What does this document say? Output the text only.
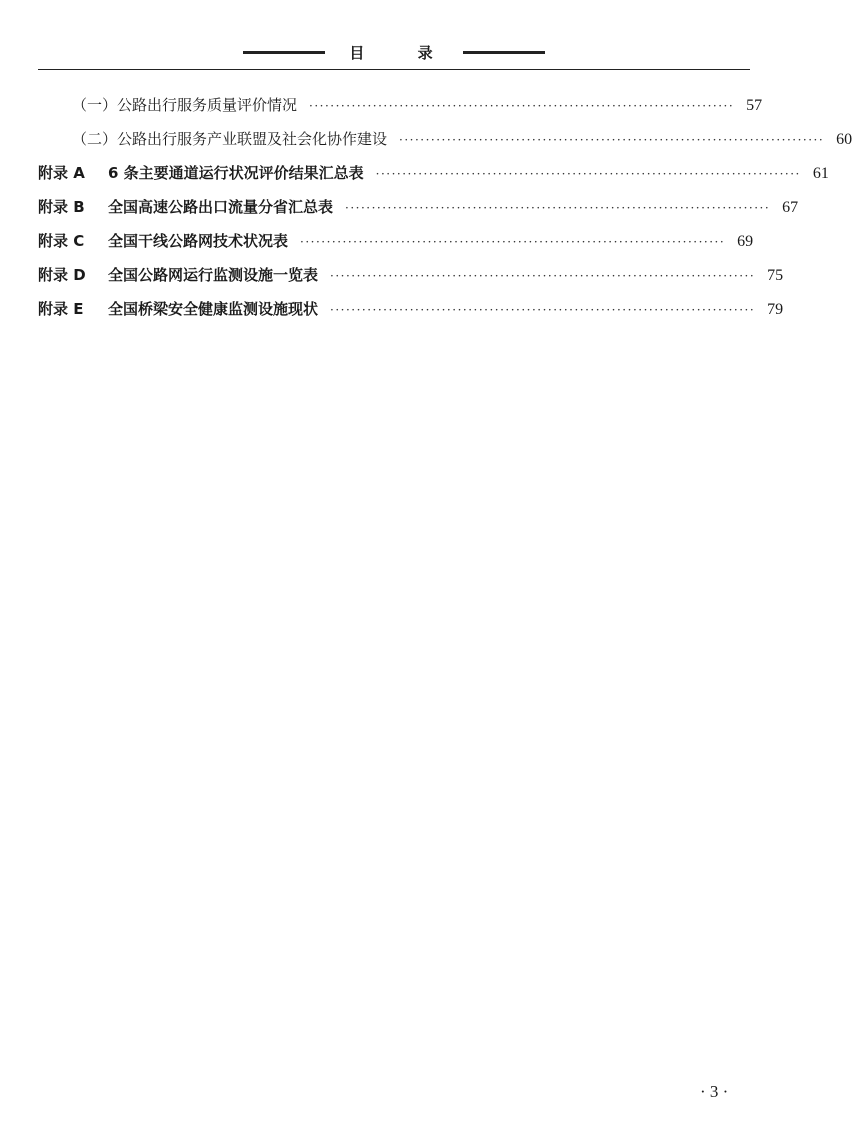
目 录
（一）公路出行服务质量评价情况 ················································································ 57
（二）公路出行服务产业联盟及社会化协作建设 ················································································ 60
附录 A 6 条主要通道运行状况评价结果汇总表 ················································································ 61
附录 B 全国高速公路出口流量分省汇总表 ················································································ 67
附录 C 全国干线公路网技术状况表 ················································································ 69
附录 D 全国公路网运行监测设施一览表 ················································································ 75
附录 E 全国桥梁安全健康监测设施现状 ················································································ 79
· 3 ·
